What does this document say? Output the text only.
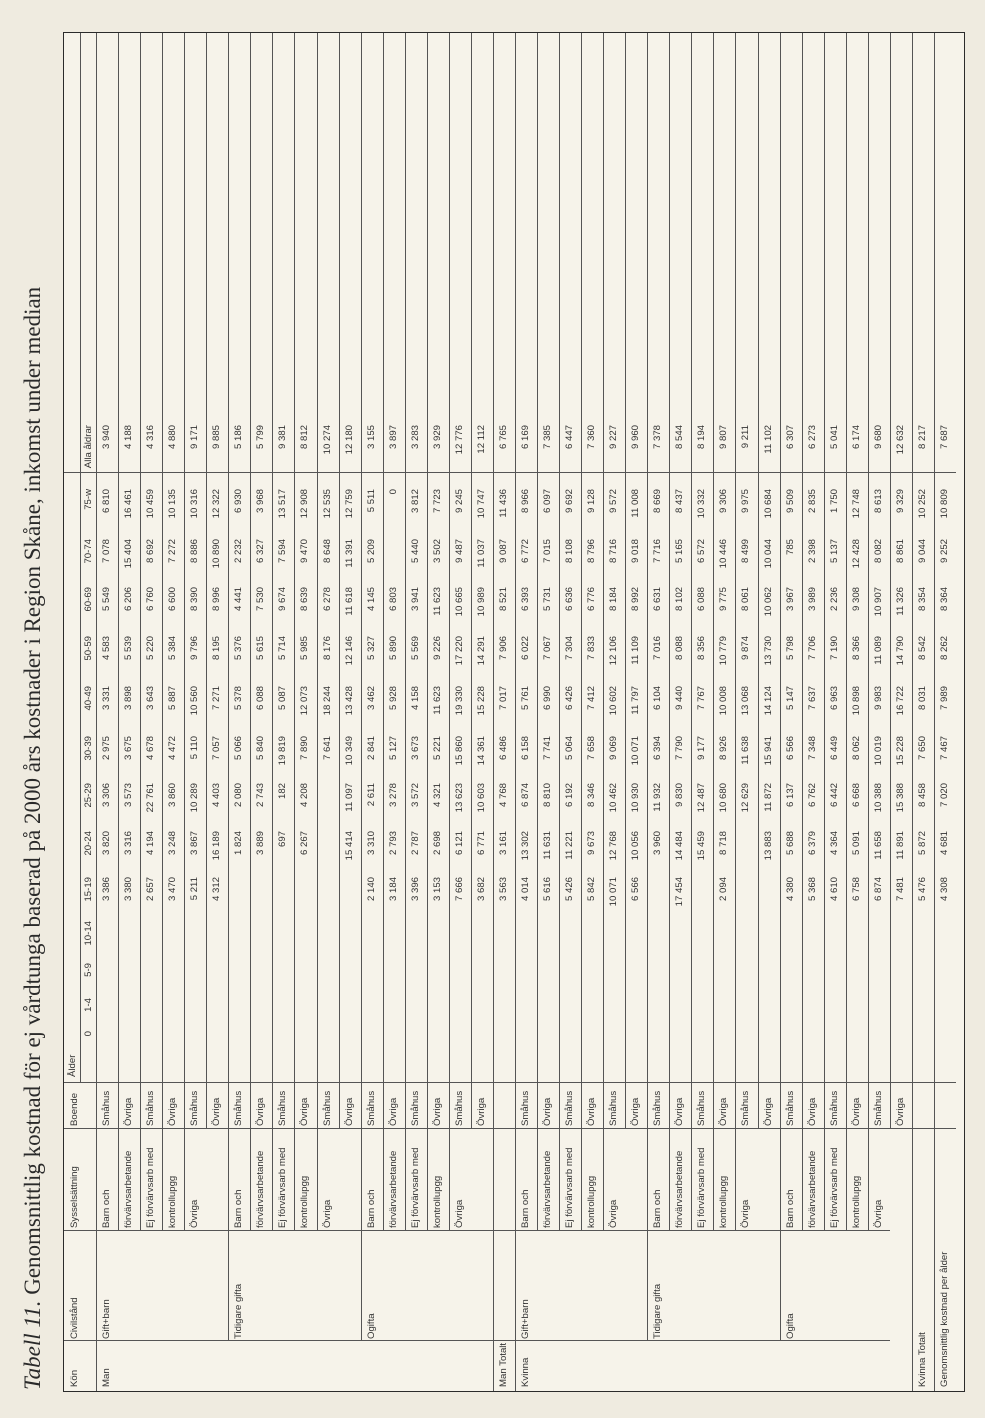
Tabell 11. Genomsnittlig kostnad för ej vårdtunga baserad på 2000 års kostnader i Region Skåne, inkomst under median
Kön
Civilstånd
Sysselsättning
Boende
Ålder
0
1-4
5-9
10-14
15-19
20-24
25-29
30-39
40-49
50-59
60-69
70-74
75-w
Alla åldrar
Man
Gift+barn
Barn och
Småhus
3 386
3 820
3 306
2 975
3 331
4 583
5 549
7 078
6 810
3 940
förvärvsarbetande
Övriga
3 380
3 316
3 573
3 675
3 898
5 539
6 206
15 404
16 461
4 188
Ej förvärvsarb med
Småhus
2 657
4 194
22 761
4 678
3 643
5 220
6 760
8 692
10 459
4 316
kontrollupgg
Övriga
3 470
3 248
3 860
4 472
5 887
5 384
6 600
7 272
10 135
4 880
Övriga
Småhus
5 211
3 867
10 289
5 110
10 560
9 796
8 390
8 886
10 316
9 171
Övriga
4 312
16 189
4 403
7 057
7 271
8 195
8 996
10 890
12 322
9 885
Tidigare gifta
Barn och
Småhus
1 824
2 080
5 066
5 378
5 376
4 441
2 232
6 930
5 186
förvärvsarbetande
Övriga
3 889
2 743
5 840
6 088
5 615
7 530
6 327
3 968
5 799
Ej förvärvsarb med
Småhus
697
182
19 819
5 087
5 714
9 674
7 594
13 517
9 381
kontrollupgg
Övriga
6 267
4 208
7 890
12 073
5 985
8 639
9 470
12 908
8 812
Övriga
Småhus
7 641
18 244
8 176
6 278
8 648
12 535
10 274
Övriga
15 414
11 097
10 349
13 428
12 146
11 618
11 391
12 759
12 180
Ogifta
Barn och
Småhus
2 140
3 310
2 611
2 841
3 462
5 327
4 145
5 209
5 511
3 155
förvärvsarbetande
Övriga
3 184
2 793
3 278
5 127
5 928
5 890
6 803
0
3 897
Ej förvärvsarb med
Småhus
3 396
2 787
3 572
3 673
4 158
5 569
3 941
5 440
3 812
3 283
kontrollupgg
Övriga
3 153
2 698
4 321
5 221
11 623
9 226
11 623
3 502
7 723
3 929
Övriga
Småhus
7 666
6 121
13 623
15 860
19 330
17 220
10 665
9 487
9 245
12 776
Övriga
3 682
6 771
10 603
14 361
15 228
14 291
10 989
11 037
10 747
12 112
Man Totalt
3 563
3 161
4 768
6 486
7 017
7 906
8 521
9 087
11 436
6 765
Kvinna
Gift+barn
Barn och
Småhus
4 014
13 302
6 874
6 158
5 761
6 022
6 393
6 772
8 966
6 169
förvärvsarbetande
Övriga
5 616
11 631
8 810
7 741
6 990
7 067
5 731
7 015
6 097
7 385
Ej förvärvsarb med
Småhus
5 426
11 221
6 192
5 064
6 426
7 304
6 636
8 108
9 692
6 447
kontrollupgg
Övriga
5 842
9 673
8 346
7 658
7 412
7 833
6 776
8 796
9 128
7 360
Övriga
Småhus
10 071
12 768
10 462
9 069
10 602
12 106
8 184
8 716
9 572
9 227
Övriga
6 566
10 056
10 930
10 071
11 797
11 109
8 992
9 018
11 008
9 960
Tidigare gifta
Barn och
Småhus
3 960
11 932
6 394
6 104
7 016
6 631
7 716
8 669
7 378
förvärvsarbetande
Övriga
17 454
14 484
9 830
7 790
9 440
8 088
8 102
5 165
8 437
8 544
Ej förvärvsarb med
Småhus
15 459
12 487
9 177
7 767
8 356
6 088
6 572
10 332
8 194
kontrollupgg
Övriga
2 094
8 718
10 680
8 926
10 008
10 779
9 775
10 446
9 306
9 807
Övriga
Småhus
12 629
11 638
13 068
9 874
8 061
8 499
9 975
9 211
Övriga
13 883
11 872
15 941
14 124
13 730
10 062
10 044
10 684
11 102
Ogifta
Barn och
Småhus
4 380
5 688
6 137
6 566
5 147
5 798
3 967
785
9 509
6 307
förvärvsarbetande
Övriga
5 368
6 379
6 762
7 348
7 637
7 706
3 989
2 398
2 835
6 273
Ej förvärvsarb med
Småhus
4 610
4 364
6 442
6 449
6 963
7 190
2 236
5 137
1 750
5 041
kontrollupgg
Övriga
6 758
5 091
6 668
8 062
10 898
8 366
9 308
12 428
12 748
6 174
Övriga
Småhus
6 874
11 658
10 388
10 019
9 983
11 089
10 907
8 082
8 613
9 680
Övriga
7 481
11 891
15 388
15 228
16 722
14 790
11 326
8 861
9 329
12 632
Kvinna Totalt
5 476
5 872
8 458
7 650
8 031
8 542
8 354
9 044
10 252
8 217
Genomsnittlig kostnad per ålder
4 308
4 681
7 020
7 467
7 989
8 262
8 364
9 252
10 809
7 687
